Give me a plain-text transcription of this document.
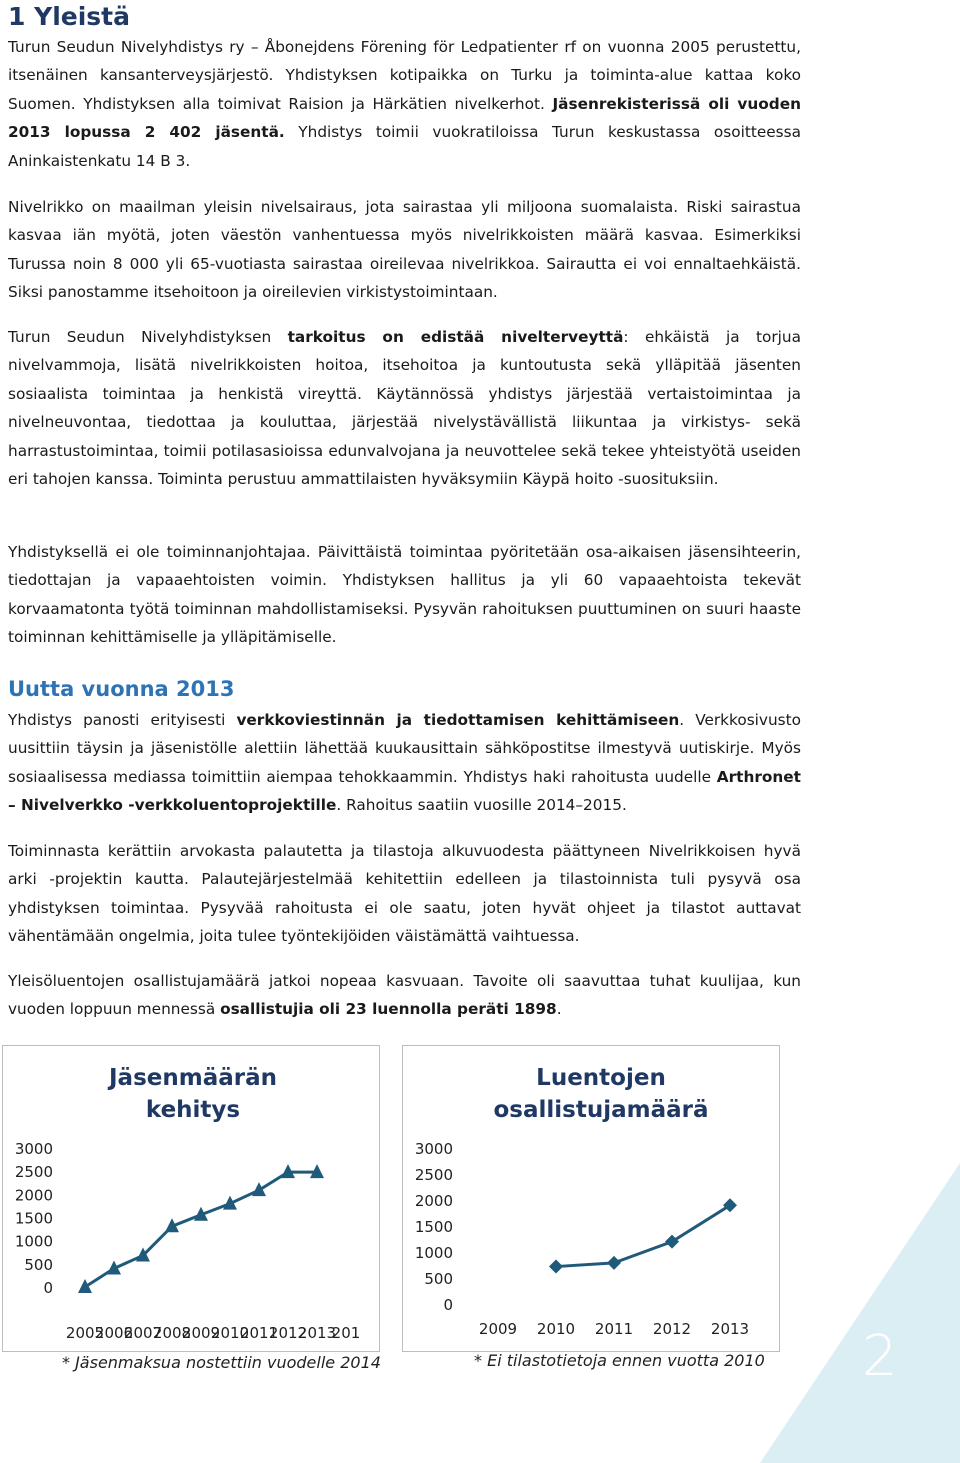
1 Yleistä

Turun Seudun Nivelyhdistys ry – Åbonejdens Förening för Ledpatienter rf on vuonna 2005 perustettu, itsenäinen kansanterveysjärjestö. Yhdistyksen kotipaikka on Turku ja toiminta-alue kattaa koko Suomen. Yhdistyksen alla toimivat Raision ja Härkätien nivelkerhot. Jäsenrekisterissä oli vuoden 2013 lopussa 2 402 jäsentä. Yhdistys toimii vuokratiloissa Turun keskustassa osoitteessa Aninkaistenkatu 14 B 3.

Nivelrikko on maailman yleisin nivelsairaus, jota sairastaa yli miljoona suomalaista. Riski sairastua kasvaa iän myötä, joten väestön vanhentuessa myös nivelrikkoisten määrä kasvaa. Esimerkiksi Turussa noin 8 000 yli 65-vuotiasta sairastaa oireilevaa nivelrikkoa. Sairautta ei voi ennaltaehkäistä. Siksi panostamme itsehoitoon ja oireilevien virkistystoimintaan.

Turun Seudun Nivelyhdistyksen tarkoitus on edistää nivelterveyttä: ehkäistä ja torjua nivelvammoja, lisätä nivelrikkoisten hoitoa, itsehoitoa ja kuntoutusta sekä ylläpitää jäsenten sosiaalista toimintaa ja henkistä vireyttä. Käytännössä yhdistys järjestää vertaistoimintaa ja nivelneuvontaa, tiedottaa ja kouluttaa, järjestää nivelystävällistä liikuntaa ja virkistys- sekä harrastustoimintaa, toimii potilasasioissa edunvalvojana ja neuvottelee sekä tekee yhteistyötä useiden eri tahojen kanssa. Toiminta perustuu ammattilaisten hyväksymiin Käypä hoito -suosituksiin.

Yhdistyksellä ei ole toiminnanjohtajaa. Päivittäistä toimintaa pyöritetään osa-aikaisen jäsensihteerin, tiedottajan ja vapaaehtoisten voimin. Yhdistyksen hallitus ja yli 60 vapaaehtoista tekevät korvaamatonta työtä toiminnan mahdollistamiseksi. Pysyvän rahoituksen puuttuminen on suuri haaste toiminnan kehittämiselle ja ylläpitämiselle.

Uutta vuonna 2013

Yhdistys panosti erityisesti verkkoviestinnän ja tiedottamisen kehittämiseen. Verkkosivusto uusittiin täysin ja jäsenistölle alettiin lähettää kuukausittain sähköpostitse ilmestyvä uutiskirje. Myös sosiaalisessa mediassa toimittiin aiempaa tehokkaammin. Yhdistys haki rahoitusta uudelle Arthronet – Nivelverkko -verkkoluentoprojektille. Rahoitus saatiin vuosille 2014–2015.

Toiminnasta kerättiin arvokasta palautetta ja tilastoja alkuvuodesta päättyneen Nivelrikkoisen hyvä arki -projektin kautta. Palautejärjestelmää kehitettiin edelleen ja tilastoinnista tuli pysyvä osa yhdistyksen toimintaa. Pysyvää rahoitusta ei ole saatu, joten hyvät ohjeet ja tilastot auttavat vähentämään ongelmia, joita tulee työntekijöiden väistämättä vaihtuessa.

Yleisöluentojen osallistujamäärä jatkoi nopeaa kasvuaan. Tavoite oli saavuttaa tuhat kuulijaa, kun vuoden loppuun mennessä osallistujia oli 23 luennolla peräti 1898.

Jäsenmäärän
kehitys
3000
2500
2000
1500
1000
500
0
2005
2006
2007
2008
2009
2010
2011
2012
2013
201
Luentojen
osallistujamäärä
3000
2500
2000
1500
1000
500
0
2009 2010 2011 2012 2013
* Jäsenmaksua nostettiin vuodelle 2014	* Ei tilastotietoja ennen vuotta 2010 2
